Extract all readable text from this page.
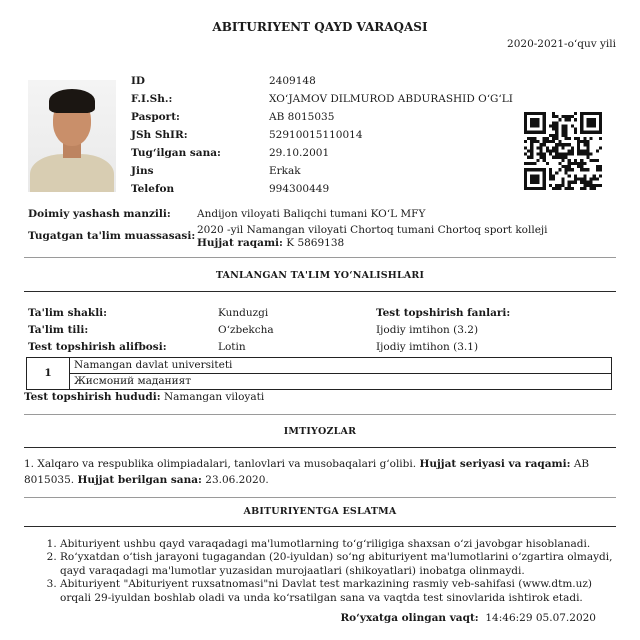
ABITURIYENT QAYD VARAQASI
2020-2021-o‘quv yili
ID	2409148
F.I.Sh.:	XO‘JAMOV DILMUROD ABDURASHID O‘G‘LI
Pasport:	AB 8015035
JSh ShIR:	52910015110014
Tug‘ilgan sana:	29.10.2001
Jins	Erkak
Telefon	994300449
Doimiy yashash manzili: Andijon viloyati Baliqchi tumani KO‘L MFY
Tugatgan ta'lim muassasasi: 2020 -yil Namangan viloyati Chortoq tumani Chortoq sport kolleji
Hujjat raqami: K 5869138
TANLANGAN TA'LIM YO‘NALISHLARI
Ta'lim shakli:	Kunduzgi	Test topshirish fanlari:
Ta'lim tili:	O‘zbekcha	Ijodiy imtihon (3.2)
Test topshirish alifbosi:	Lotin	Ijodiy imtihon (3.1)
1	Namangan davlat universiteti
Жисмоний маданият
Test topshirish hududi: Namangan viloyati
IMTIYOZLAR
1. Xalqaro va respublika olimpiadalari, tanlovlari va musobaqalari g‘olibi. Hujjat seriyasi va raqami: AB 8015035. Hujjat berilgan sana: 23.06.2020.
ABITURIYENTGA ESLATMA
1. Abituriyent ushbu qayd varaqadagi ma'lumotlarning to‘g‘riligiga shaxsan o‘zi javobgar hisoblanadi.
2. Ro‘yxatdan o‘tish jarayoni tugagandan (20-iyuldan) so‘ng abituriyent ma'lumotlarini o‘zgartira olmaydi, qayd varaqadagi ma'lumotlar yuzasidan murojaatlari (shikoyatlari) inobatga olinmaydi.
3. Abituriyent "Abituriyent ruxsatnomasi"ni Davlat test markazining rasmiy veb-sahifasi (www.dtm.uz) orqali 29-iyuldan boshlab oladi va unda ko‘rsatilgan sana va vaqtda test sinovlarida ishtirok etadi.
Ro‘yxatga olingan vaqt: 14:46:29 05.07.2020
